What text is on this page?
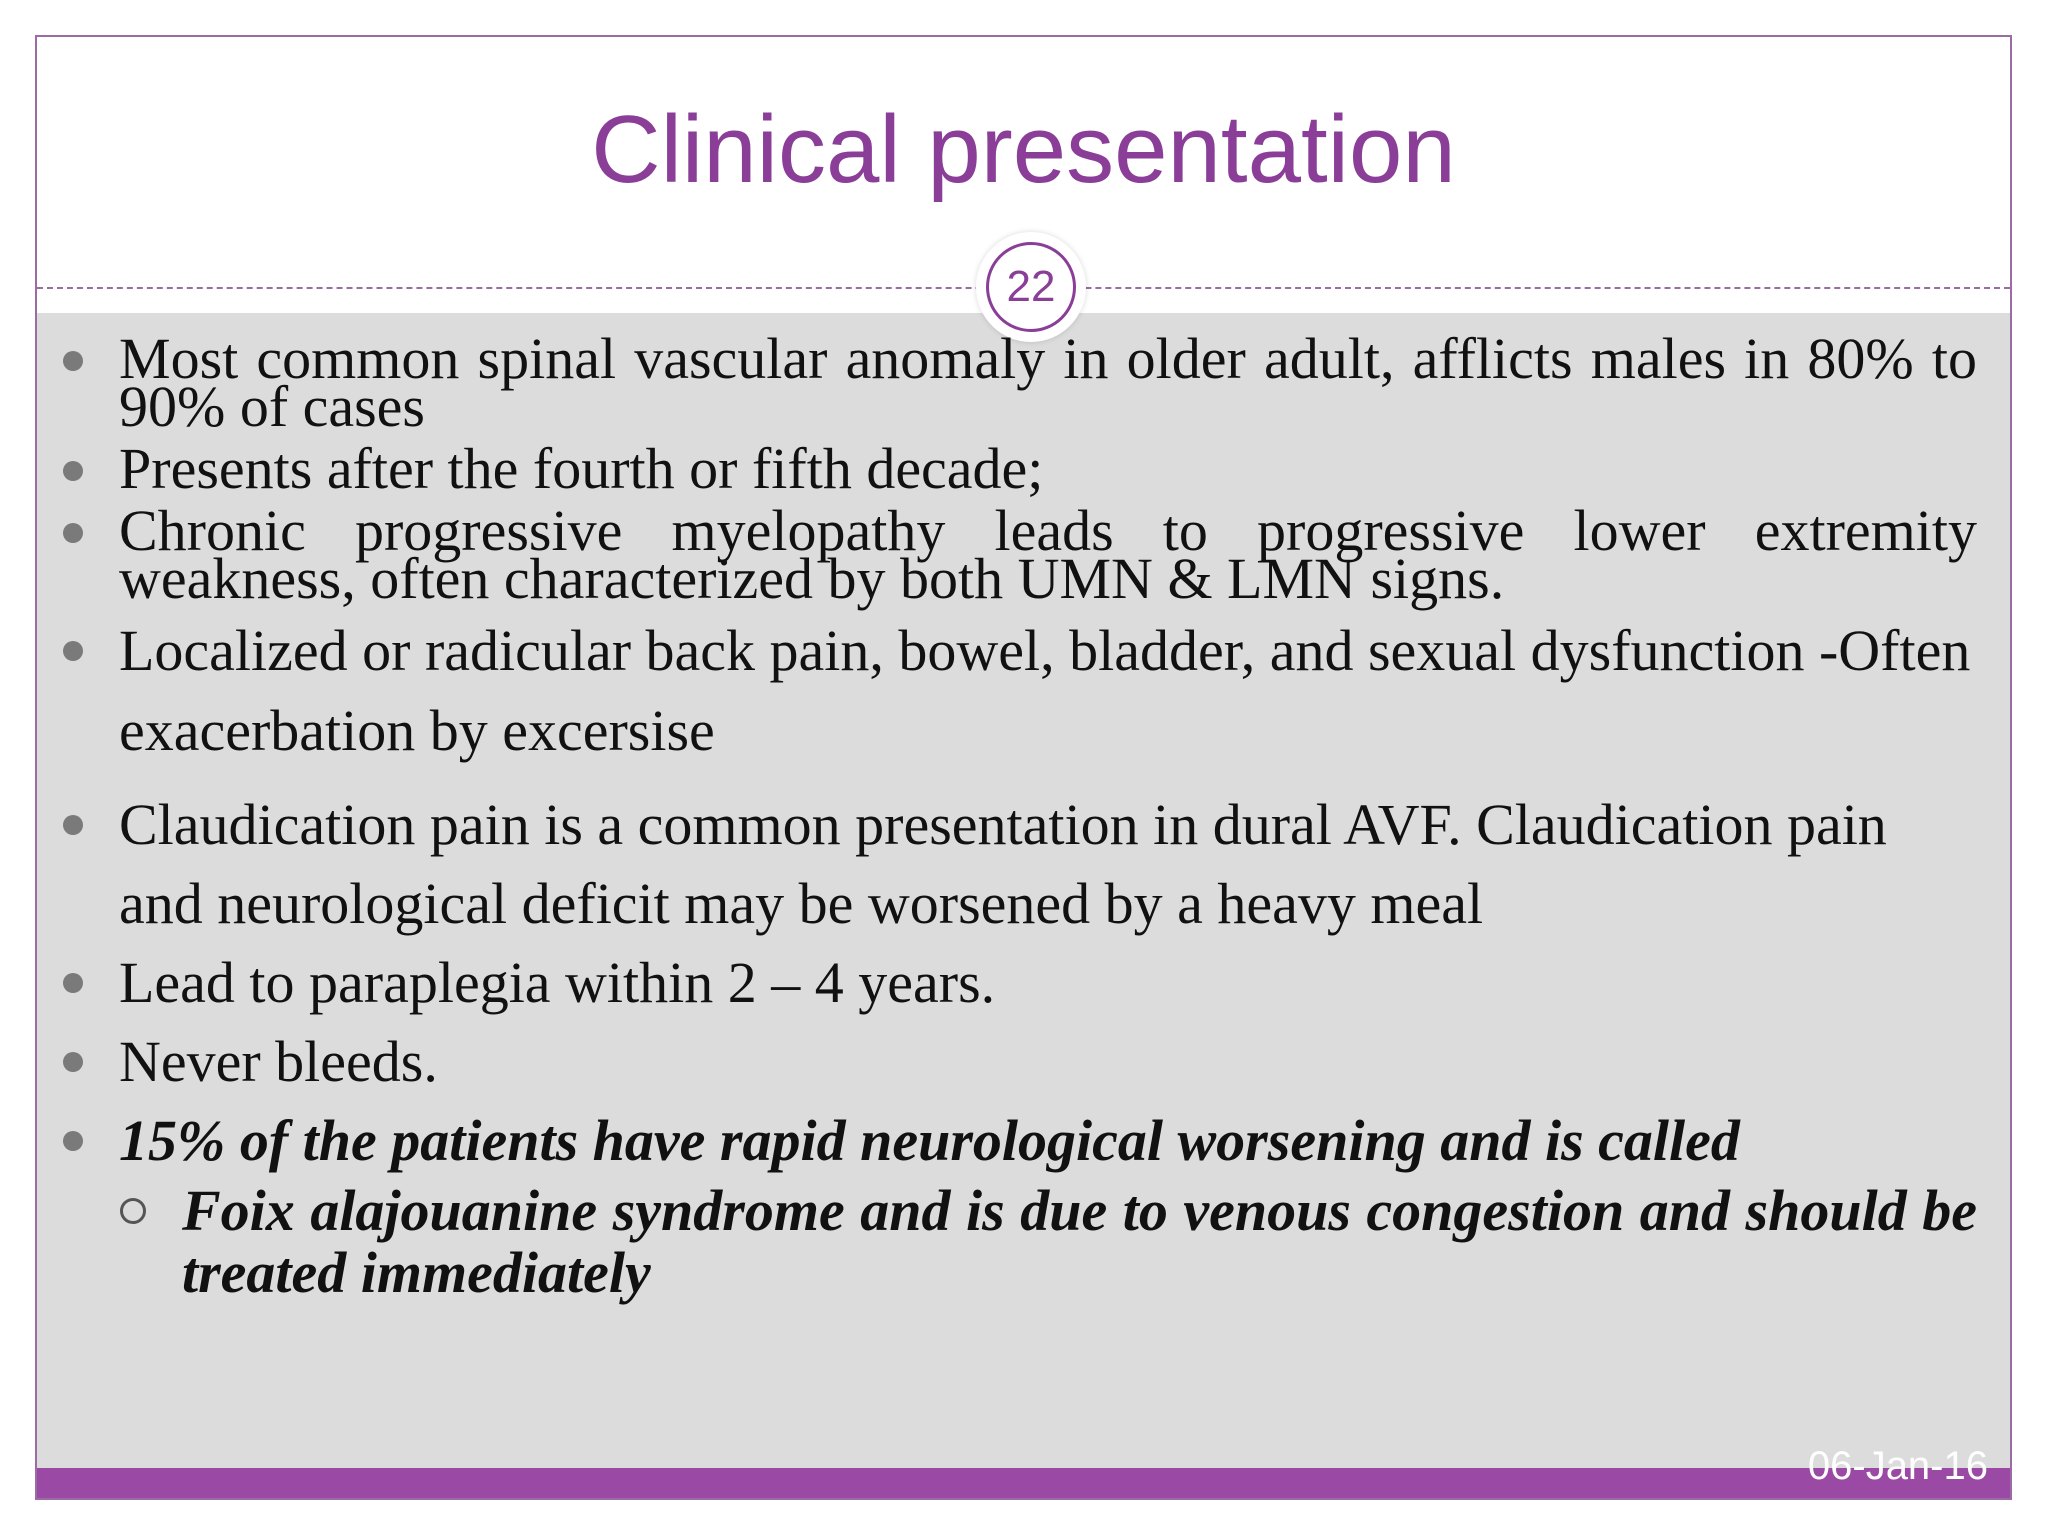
Clinical presentation
22
Most common spinal vascular anomaly in older adult, afflicts males in 80% to 90% of cases
Presents after the fourth or fifth decade;
Chronic progressive myelopathy leads to progressive lower extremity weakness, often characterized by both UMN & LMN signs.
Localized or radicular back pain, bowel, bladder, and sexual dysfunction -Often exacerbation by excersise
Claudication pain is a common presentation in dural AVF. Claudication pain and neurological deficit may be worsened by a heavy meal
Lead to paraplegia within 2 – 4 years.
Never bleeds.
15% of the patients have rapid neurological worsening and is called
Foix alajouanine syndrome and is due to venous congestion and should be treated immediately
06-Jan-16
